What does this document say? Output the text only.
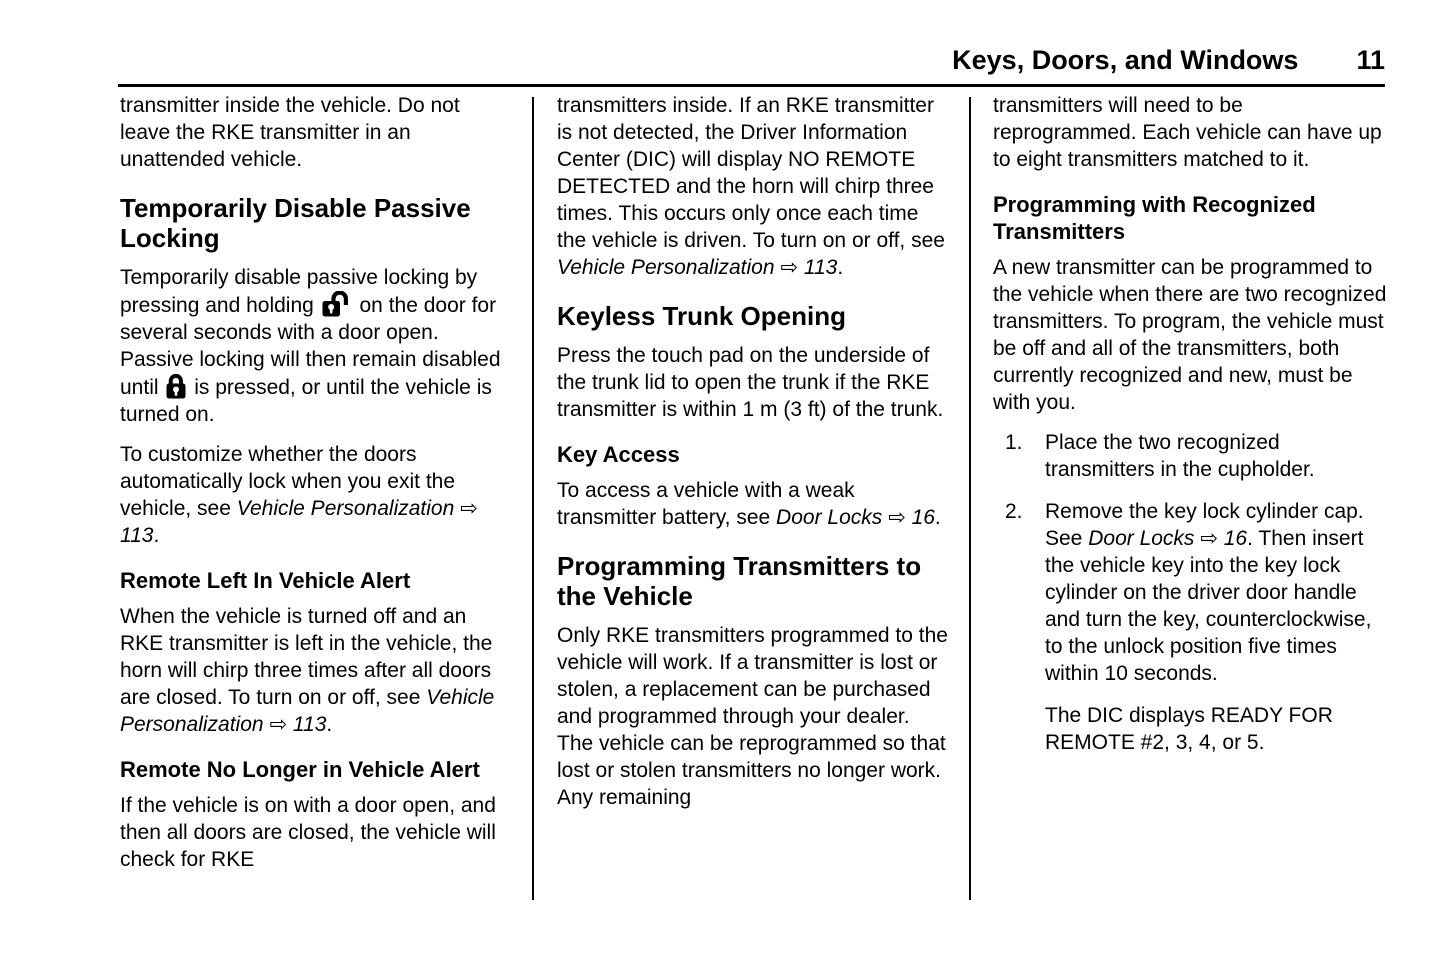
Keys, Doors, and Windows 11

transmitter inside the vehicle. Do not leave the RKE transmitter in an unattended vehicle.

Temporarily Disable Passive Locking

Temporarily disable passive locking by pressing and holding on the door for several seconds with a door open. Passive locking will then remain disabled until is pressed, or until the vehicle is turned on.

To customize whether the doors automatically lock when you exit the vehicle, see Vehicle Personalization ⇨ 113.

Remote Left In Vehicle Alert

When the vehicle is turned off and an RKE transmitter is left in the vehicle, the horn will chirp three times after all doors are closed. To turn on or off, see Vehicle Personalization ⇨ 113.

Remote No Longer in Vehicle Alert

If the vehicle is on with a door open, and then all doors are closed, the vehicle will check for RKE

transmitters inside. If an RKE transmitter is not detected, the Driver Information Center (DIC) will display NO REMOTE DETECTED and the horn will chirp three times. This occurs only once each time the vehicle is driven. To turn on or off, see Vehicle Personalization ⇨ 113.

Keyless Trunk Opening

Press the touch pad on the underside of the trunk lid to open the trunk if the RKE transmitter is within 1 m (3 ft) of the trunk.

Key Access

To access a vehicle with a weak transmitter battery, see Door Locks ⇨ 16.

Programming Transmitters to the Vehicle

Only RKE transmitters programmed to the vehicle will work. If a transmitter is lost or stolen, a replacement can be purchased and programmed through your dealer. The vehicle can be reprogrammed so that lost or stolen transmitters no longer work. Any remaining

transmitters will need to be reprogrammed. Each vehicle can have up to eight transmitters matched to it.

Programming with Recognized Transmitters

A new transmitter can be programmed to the vehicle when there are two recognized transmitters. To program, the vehicle must be off and all of the transmitters, both currently recognized and new, must be with you.

1.	Place the two recognized transmitters in the cupholder.
2.	Remove the key lock cylinder cap. See Door Locks ⇨ 16. Then insert the vehicle key into the key lock cylinder on the driver door handle and turn the key, counterclockwise, to the unlock position five times within 10 seconds.

The DIC displays READY FOR REMOTE #2, 3, 4, or 5.
